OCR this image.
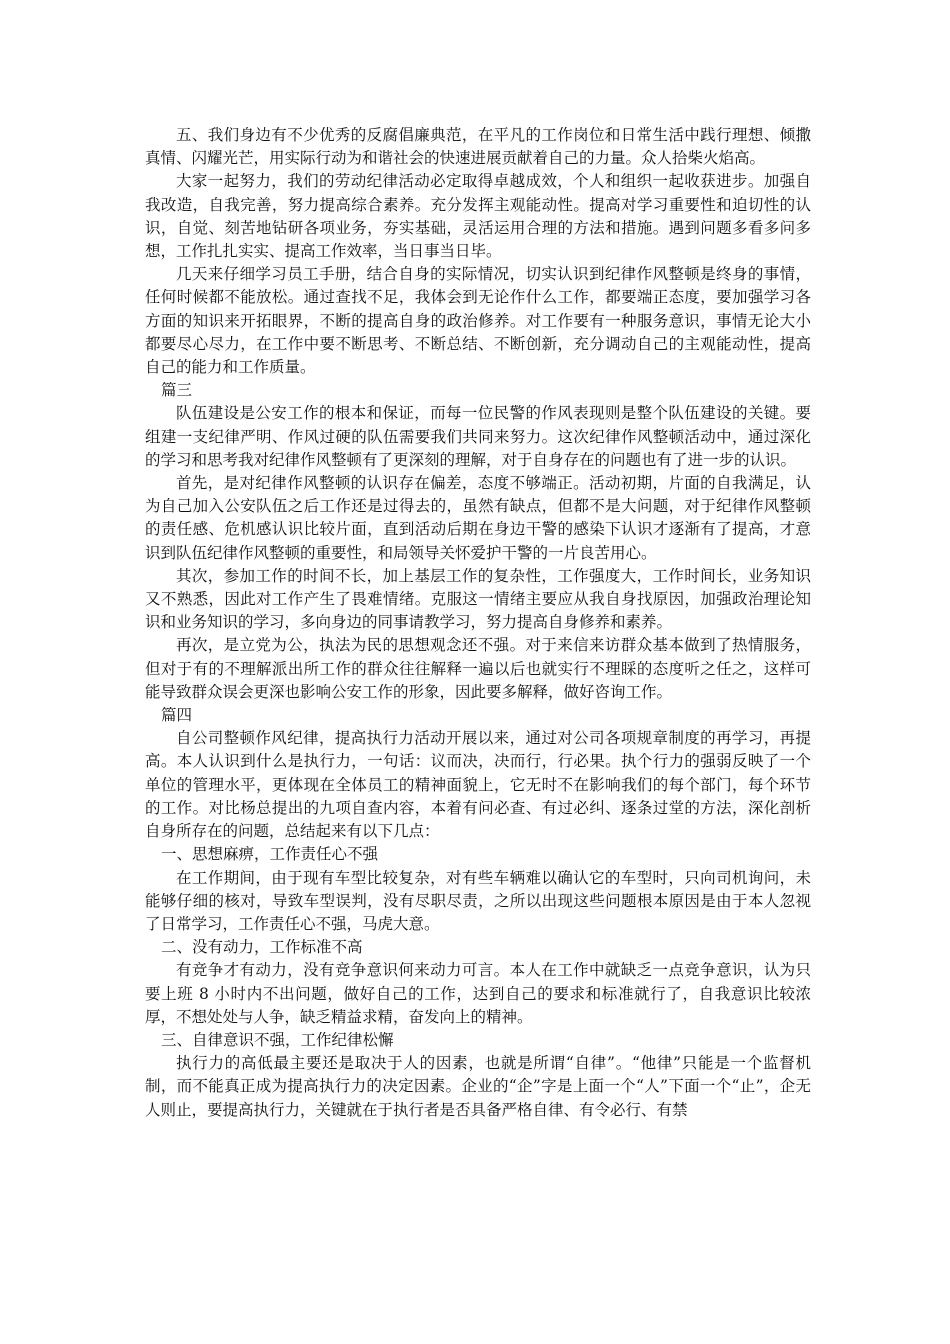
五、我们身边有不少优秀的反腐倡廉典范，在平凡的工作岗位和日常生活中践行理想、倾撒真情、闪耀光芒，用实际行动为和谐社会的快速进展贡献着自己的力量。众人拾柴火焰高。

大家一起努力，我们的劳动纪律活动必定取得卓越成效，个人和组织一起收获进步。加强自我改造，自我完善，努力提高综合素养。充分发挥主观能动性。提高对学习重要性和迫切性的认识，自觉、刻苦地钻研各项业务，夯实基础，灵活运用合理的方法和措施。遇到问题多看多问多想，工作扎扎实实、提高工作效率，当日事当日毕。

几天来仔细学习员工手册，结合自身的实际情况，切实认识到纪律作风整顿是终身的事情，任何时候都不能放松。通过查找不足，我体会到无论作什么工作，都要端正态度，要加强学习各方面的知识来开拓眼界，不断的提高自身的政治修养。对工作要有一种服务意识，事情无论大小都要尽心尽力，在工作中要不断思考、不断总结、不断创新，充分调动自己的主观能动性，提高自己的能力和工作质量。

篇三

队伍建设是公安工作的根本和保证，而每一位民警的作风表现则是整个队伍建设的关键。要组建一支纪律严明、作风过硬的队伍需要我们共同来努力。这次纪律作风整顿活动中，通过深化的学习和思考我对纪律作风整顿有了更深刻的理解，对于自身存在的问题也有了进一步的认识。

首先，是对纪律作风整顿的认识存在偏差，态度不够端正。活动初期，片面的自我满足，认为自己加入公安队伍之后工作还是过得去的，虽然有缺点，但都不是大问题，对于纪律作风整顿的责任感、危机感认识比较片面，直到活动后期在身边干警的感染下认识才逐渐有了提高，才意识到队伍纪律作风整顿的重要性，和局领导关怀爱护干警的一片良苦用心。

其次，参加工作的时间不长，加上基层工作的复杂性，工作强度大，工作时间长，业务知识又不熟悉，因此对工作产生了畏难情绪。克服这一情绪主要应从我自身找原因，加强政治理论知识和业务知识的学习，多向身边的同事请教学习，努力提高自身修养和素养。

再次，是立党为公，执法为民的思想观念还不强。对于来信来访群众基本做到了热情服务，但对于有的不理解派出所工作的群众往往解释一遍以后也就实行不理睬的态度听之任之，这样可能导致群众误会更深也影响公安工作的形象，因此要多解释，做好咨询工作。

篇四

自公司整顿作风纪律，提高执行力活动开展以来，通过对公司各项规章制度的再学习，再提高。本人认识到什么是执行力，一句话：议而决，决而行，行必果。执个行力的强弱反映了一个单位的管理水平，更体现在全体员工的精神面貌上，它无时不在影响我们的每个部门，每个环节的工作。对比杨总提出的九项自查内容，本着有问必查、有过必纠、逐条过堂的方法，深化剖析自身所存在的问题，总结起来有以下几点：

一、思想麻痹，工作责任心不强

在工作期间，由于现有车型比较复杂，对有些车辆难以确认它的车型时，只向司机询问，未能够仔细的核对，导致车型误判，没有尽职尽责，之所以出现这些问题根本原因是由于本人忽视了日常学习，工作责任心不强，马虎大意。

二、没有动力，工作标准不高

有竞争才有动力，没有竞争意识何来动力可言。本人在工作中就缺乏一点竞争意识，认为只要上班 8 小时内不出问题，做好自己的工作，达到自己的要求和标准就行了，自我意识比较浓厚，不想处处与人争，缺乏精益求精，奋发向上的精神。

三、自律意识不强，工作纪律松懈

执行力的高低最主要还是取决于人的因素，也就是所谓“自律”。“他律”只能是一个监督机制，而不能真正成为提高执行力的决定因素。企业的“企”字是上面一个“人”下面一个“止”，企无人则止，要提高执行力，关键就在于执行者是否具备严格自律、有令必行、有禁
